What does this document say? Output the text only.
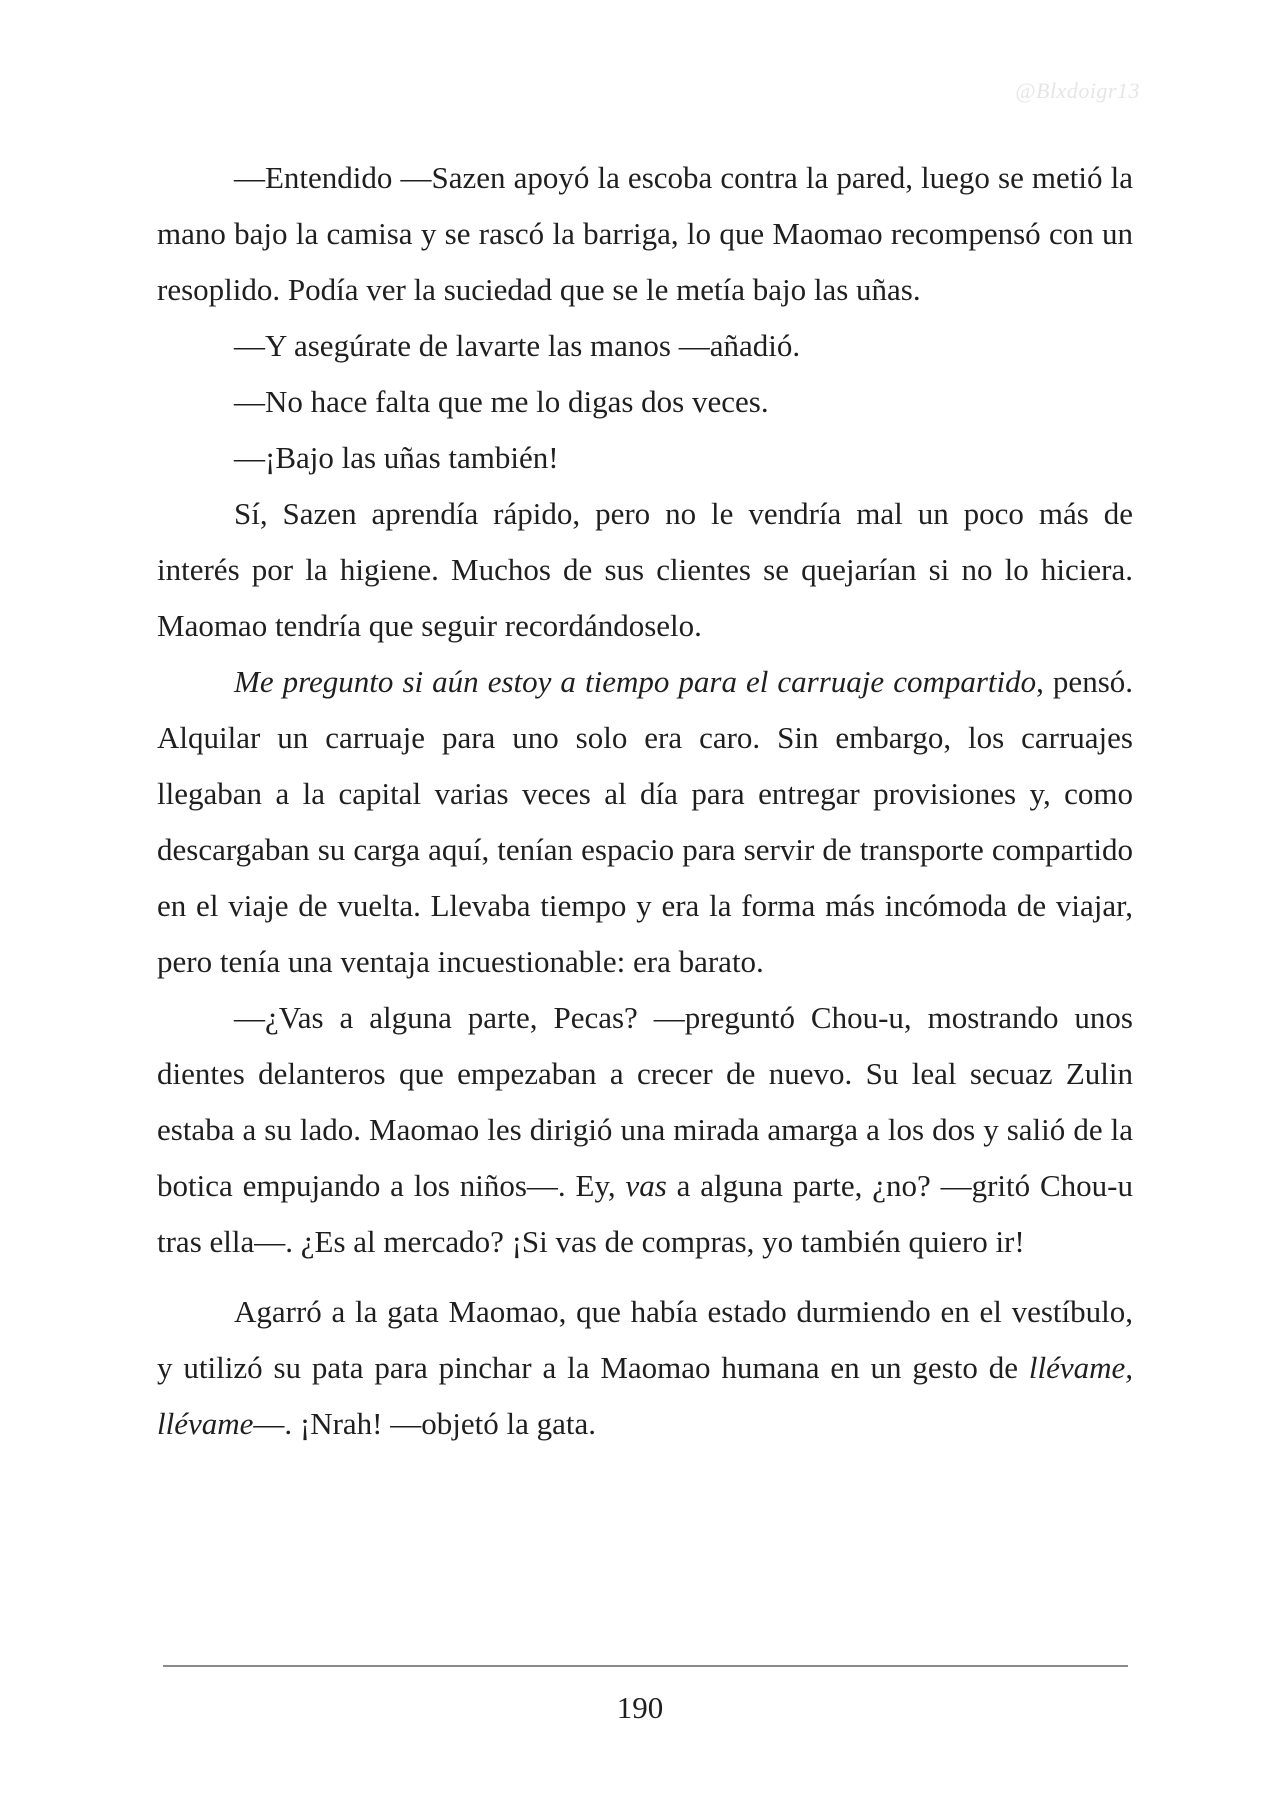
@Blxdoigr13

—Entendido —Sazen apoyó la escoba contra la pared, luego se metió la mano bajo la camisa y se rascó la barriga, lo que Maomao recompensó con un resoplido. Podía ver la suciedad que se le metía bajo las uñas.

—Y asegúrate de lavarte las manos —añadió.

—No hace falta que me lo digas dos veces.

—¡Bajo las uñas también!

Sí, Sazen aprendía rápido, pero no le vendría mal un poco más de interés por la higiene. Muchos de sus clientes se quejarían si no lo hiciera. Maomao tendría que seguir recordándoselo.

Me pregunto si aún estoy a tiempo para el carruaje compartido, pensó. Alquilar un carruaje para uno solo era caro. Sin embargo, los carruajes llegaban a la capital varias veces al día para entregar provisiones y, como descargaban su carga aquí, tenían espacio para servir de transporte compartido en el viaje de vuelta. Llevaba tiempo y era la forma más incómoda de viajar, pero tenía una ventaja incuestionable: era barato.

—¿Vas a alguna parte, Pecas? —preguntó Chou-u, mostrando unos dientes delanteros que empezaban a crecer de nuevo. Su leal secuaz Zulin estaba a su lado. Maomao les dirigió una mirada amarga a los dos y salió de la botica empujando a los niños—. Ey, vas a alguna parte, ¿no? —gritó Chou-u tras ella—. ¿Es al mercado? ¡Si vas de compras, yo también quiero ir!

Agarró a la gata Maomao, que había estado durmiendo en el vestíbulo, y utilizó su pata para pinchar a la Maomao humana en un gesto de llévame, llévame—. ¡Nrah! —objetó la gata.

190
